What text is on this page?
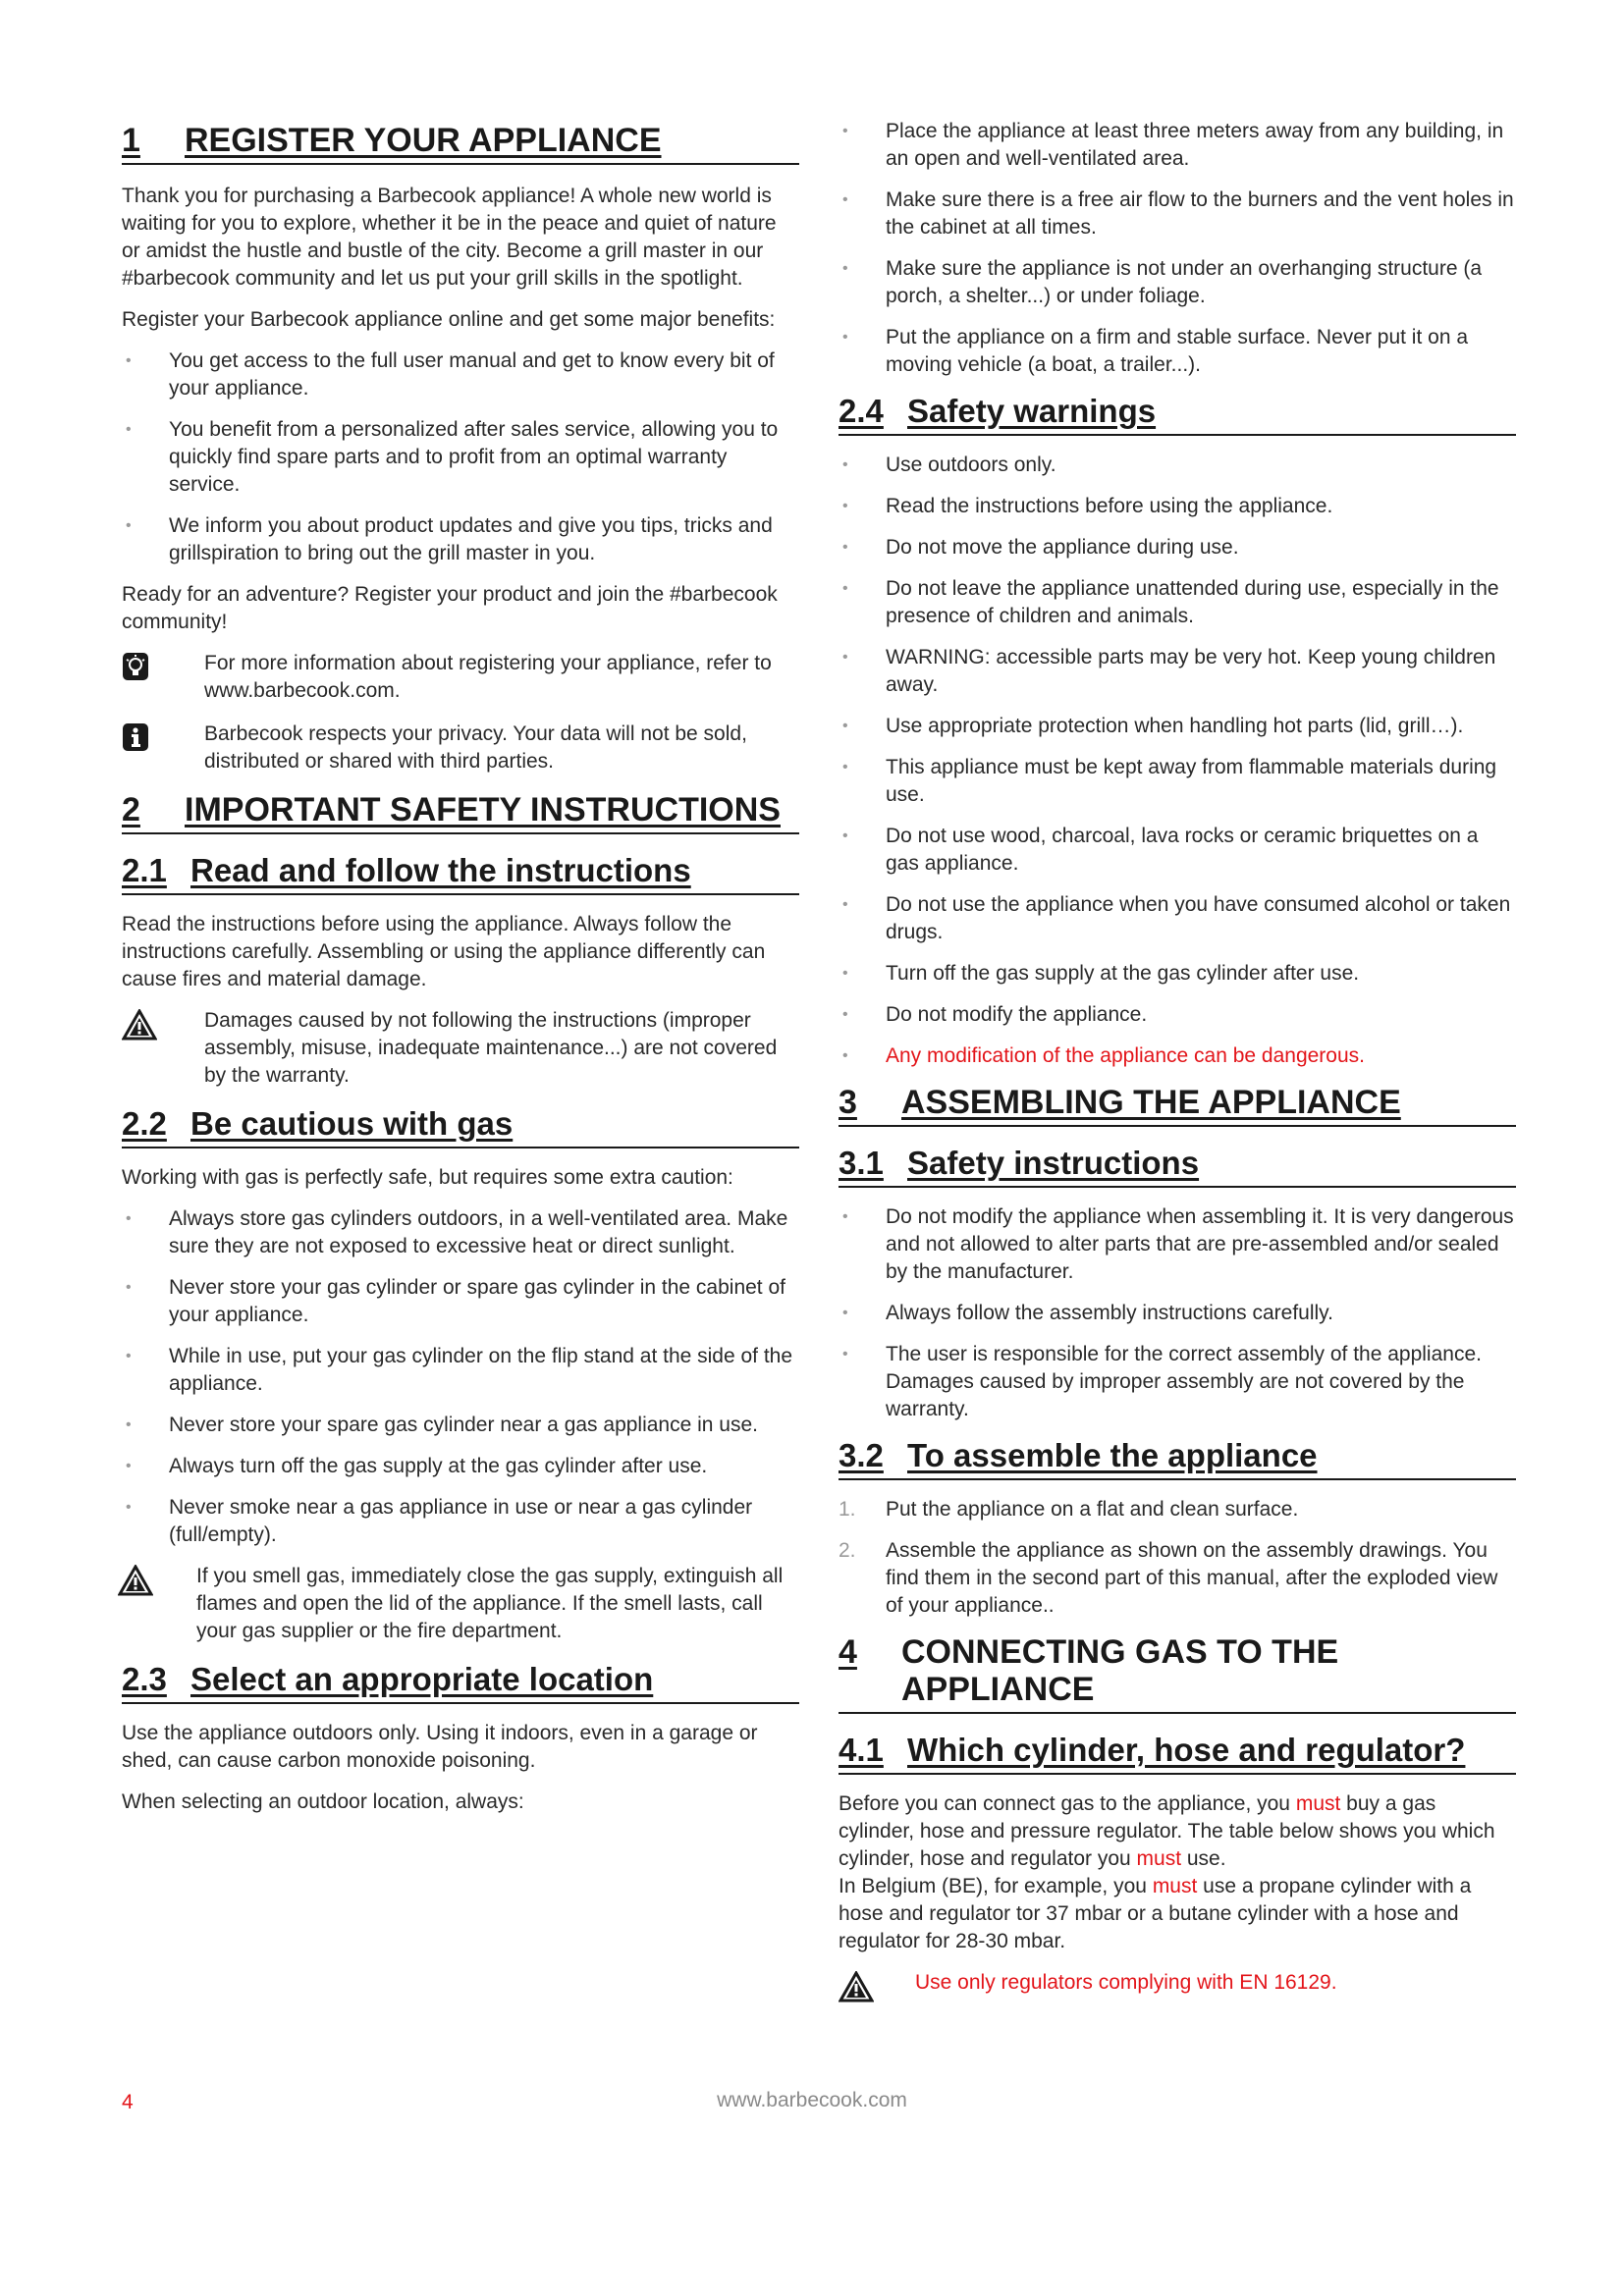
1	REGISTER YOUR APPLIANCE

Thank you for purchasing a Barbecook appliance! A whole new world is waiting for you to explore, whether it be in the peace and quiet of nature or amidst the hustle and bustle of the city. Become a grill master in our #barbecook community and let us put your grill skills in the spotlight.

Register your Barbecook appliance online and get some major benefits:

• You get access to the full user manual and get to know every bit of your appliance.
• You benefit from a personalized after sales service, allowing you to quickly find spare parts and to profit from an optimal warranty service.
• We inform you about product updates and give you tips, tricks and grillspiration to bring out the grill master in you.

Ready for an adventure? Register your product and join the #barbecook community!

For more information about registering your appliance, refer to www.barbecook.com.
Barbecook respects your privacy. Your data will not be sold, distributed or shared with third parties.
2	IMPORTANT SAFETY INSTRUCTIONS
2.1 Read and follow the instructions

Read the instructions before using the appliance. Always follow the instructions carefully. Assembling or using the appliance differently can cause fires and material damage.

Damages caused by not following the instructions (improper assembly, misuse, inadequate maintenance...) are not covered by the warranty.
2.2 Be cautious with gas

Working with gas is perfectly safe, but requires some extra caution:

• Always store gas cylinders outdoors, in a well-ventilated area. Make sure they are not exposed to excessive heat or direct sunlight.
• Never store your gas cylinder or spare gas cylinder in the cabinet of your appliance.
• While in use, put your gas cylinder on the flip stand at the side of the appliance.
• Never store your spare gas cylinder near a gas appliance in use.
• Always turn off the gas supply at the gas cylinder after use.
• Never smoke near a gas appliance in use or near a gas cylinder (full/empty).
If you smell gas, immediately close the gas supply, extinguish all flames and open the lid of the appliance. If the smell lasts, call your gas supplier or the fire department.
2.3 Select an appropriate location

Use the appliance outdoors only. Using it indoors, even in a garage or shed, can cause carbon monoxide poisoning.

When selecting an outdoor location, always:

• Place the appliance at least three meters away from any building, in an open and well-ventilated area.
• Make sure there is a free air flow to the burners and the vent holes in the cabinet at all times.
• Make sure the appliance is not under an overhanging structure (a porch, a shelter...) or under foliage.
• Put the appliance on a firm and stable surface. Never put it on a moving vehicle (a boat, a trailer...).
2.4 Safety warnings
• Use outdoors only.
• Read the instructions before using the appliance.
• Do not move the appliance during use.
• Do not leave the appliance unattended during use, especially in the presence of children and animals.
• WARNING: accessible parts may be very hot. Keep young children away.
• Use appropriate protection when handling hot parts (lid, grill…).
• This appliance must be kept away from flammable materials during use.
• Do not use wood, charcoal, lava rocks or ceramic briquettes on a gas appliance.
• Do not use the appliance when you have consumed alcohol or taken drugs.
• Turn off the gas supply at the gas cylinder after use.
• Do not modify the appliance.
• Any modification of the appliance can be dangerous.
3	ASSEMBLING THE APPLIANCE
3.1 Safety instructions
• Do not modify the appliance when assembling it. It is very dangerous and not allowed to alter parts that are pre-assembled and/or sealed by the manufacturer.
• Always follow the assembly instructions carefully.
• The user is responsible for the correct assembly of the appliance. Damages caused by improper assembly are not covered by the warranty.
3.2 To assemble the appliance
1. Put the appliance on a flat and clean surface.
2. Assemble the appliance as shown on the assembly drawings. You find them in the second part of this manual, after the exploded view of your appliance..
4	CONNECTING GAS TO THE
APPLIANCE
4.1 Which cylinder, hose and regulator?

Before you can connect gas to the appliance, you must buy a gas cylinder, hose and pressure regulator. The table below shows you which cylinder, hose and regulator you must use.

In Belgium (BE), for example, you must use a propane cylinder with a hose and regulator tor 37 mbar or a butane cylinder with a hose and regulator for 28-30 mbar.

Use only regulators complying with EN 16129.
www.barbecook.com
4
